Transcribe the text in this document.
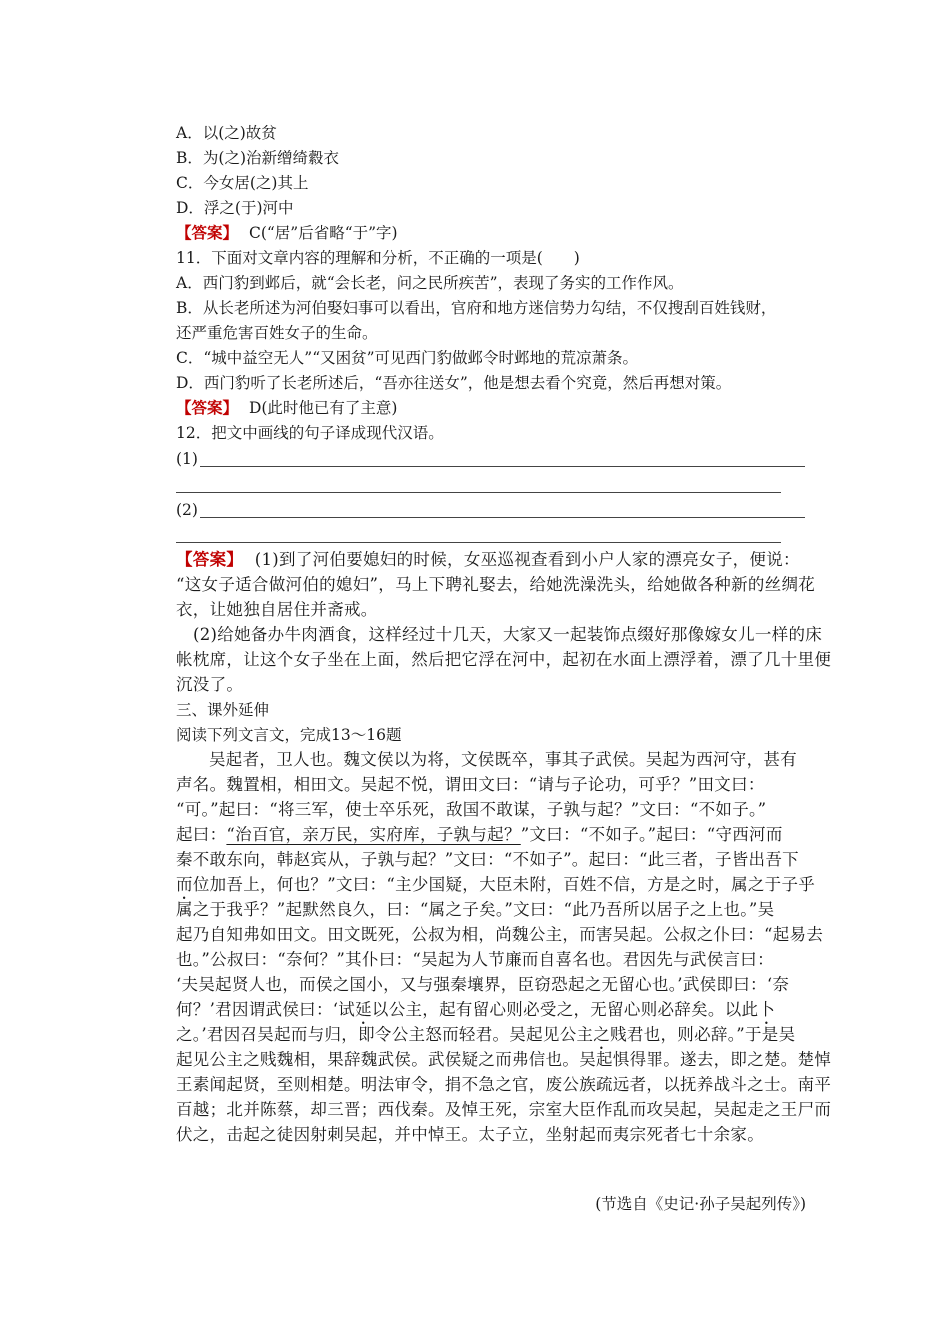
A．以(之)故贫
B．为(之)治新缯绮縠衣
C．今女居(之)其上
D．浮之(于)河中
【答案】 C(“居”后省略“于”字)
11．下面对文章内容的理解和分析，不正确的一项是(　　)
A．西门豹到邺后，就“会长老，问之民所疾苦”，表现了务实的工作作风。
B．从长老所述为河伯娶妇事可以看出，官府和地方迷信势力勾结，不仅搜刮百姓钱财，
还严重危害百姓女子的生命。
C．“城中益空无人”“又困贫”可见西门豹做邺令时邺地的荒凉萧条。
D．西门豹听了长老所述后，“吾亦往送女”，他是想去看个究竟，然后再想对策。
【答案】 D(此时他已有了主意)
12．把文中画线的句子译成现代汉语。
(1)
(2)
【答案】 (1)到了河伯要媳妇的时候，女巫巡视查看到小户人家的漂亮女子，便说：
“这女子适合做河伯的媳妇”，马上下聘礼娶去，给她洗澡洗头，给她做各种新的丝绸花
衣，让她独自居住并斋戒。
(2)给她备办牛肉酒食，这样经过十几天，大家又一起装饰点缀好那像嫁女儿一样的床
帐枕席，让这个女子坐在上面，然后把它浮在河中，起初在水面上漂浮着，漂了几十里便
沉没了。
三、课外延伸
阅读下列文言文，完成13～16题
吴起者，卫人也。魏文侯以为将，文侯既卒，事其子武侯。吴起为西河守，甚有
声名。魏置相，相田文。吴起不悦，谓田文曰：“请与子论功，可乎？”田文曰：
“可。”起曰：“将三军，使士卒乐死，敌国不敢谋，子孰与起？”文曰：“不如子。”
起曰：“治百官，亲万民，实府库，子孰与起？”文曰：“不如子。”起曰：“守西河而
秦不敢东向，韩赵宾从，子孰与起？”文曰：“不如子”。起曰：“此三者，子皆出吾下
而位加吾上，何也？”文曰：“主少国疑，大臣未附，百姓不信，方是之时，属之于子乎
属之于我乎？”起默然良久，曰：“属之子矣。”文曰：“此乃吾所以居子之上也。”吴
起乃自知弗如田文。田文既死，公叔为相，尚魏公主，而害吴起。公叔之仆曰：“起易去
也。”公叔曰：“奈何？”其仆曰：“吴起为人节廉而自喜名也。君因先与武侯言曰：
‘夫吴起贤人也，而侯之国小，又与强秦壤界，臣窃恐起之无留心也。’武侯即曰：‘奈
何？’君因谓武侯曰：‘试延以公主，起有留心则必受之，无留心则必辞矣。以此卜
之。’君因召吴起而与归，即令公主怒而轻君。吴起见公主之贱君也，则必辞。”于是吴
起见公主之贱魏相，果辞魏武侯。武侯疑之而弗信也。吴起惧得罪。遂去，即之楚。楚悼
王素闻起贤，至则相楚。明法审令，捐不急之官，废公族疏远者，以抚养战斗之士。南平
百越；北并陈蔡，却三晋；西伐秦。及悼王死，宗室大臣作乱而攻吴起，吴起走之王尸而
伏之，击起之徒因射刺吴起，并中悼王。太子立，坐射起而夷宗死者七十余家。
(节选自《史记·孙子吴起列传》)
